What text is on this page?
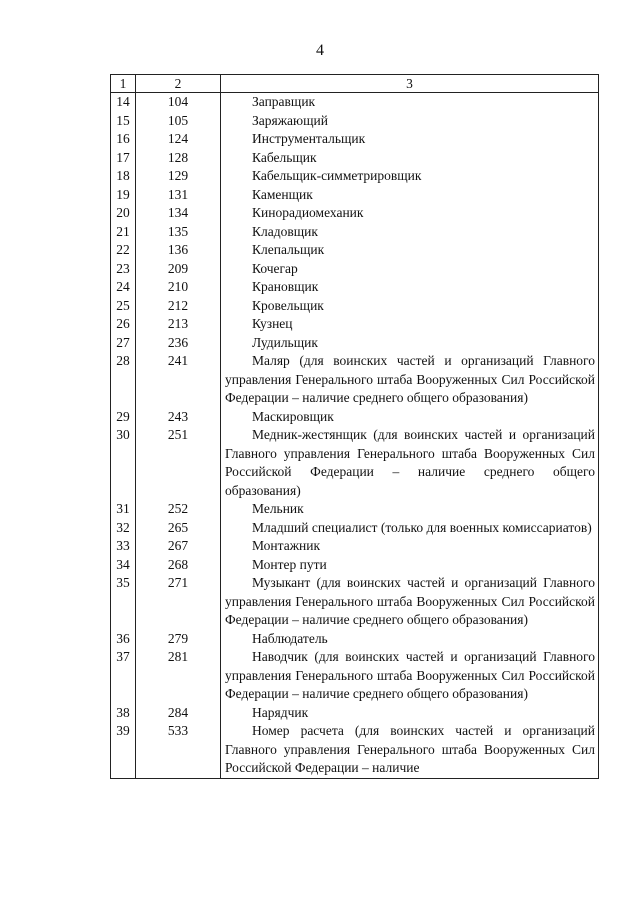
4
1	2	3
14	104	Заправщик
15	105	Заряжающий
16	124	Инструментальщик
17	128	Кабельщик
18	129	Кабельщик-симметрировщик
19	131	Каменщик
20	134	Кинорадиомеханик
21	135	Кладовщик
22	136	Клепальщик
23	209	Кочегар
24	210	Крановщик
25	212	Кровельщик
26	213	Кузнец
27	236	Лудильщик
28	241	Маляр (для воинских частей и организаций Главного управления Генерального штаба Вооруженных Сил Российской Федерации – наличие среднего общего образования)
29	243	Маскировщик
30	251	Медник-жестянщик (для воинских частей и организаций Главного управления Генерального штаба Вооруженных Сил Российской Федерации – наличие среднего общего образования)
31	252	Мельник
32	265	Младший специалист (только для военных комиссариатов)
33	267	Монтажник
34	268	Монтер пути
35	271	Музыкант (для воинских частей и организаций Главного управления Генерального штаба Вооруженных Сил Российской Федерации – наличие среднего общего образования)
36	279	Наблюдатель
37	281	Наводчик (для воинских частей и организаций Главного управления Генерального штаба Вооруженных Сил Российской Федерации – наличие среднего общего образования)
38	284	Нарядчик
39	533	Номер расчета (для воинских частей и организаций Главного управления Генерального штаба Вооруженных Сил Российской Федерации – наличие
